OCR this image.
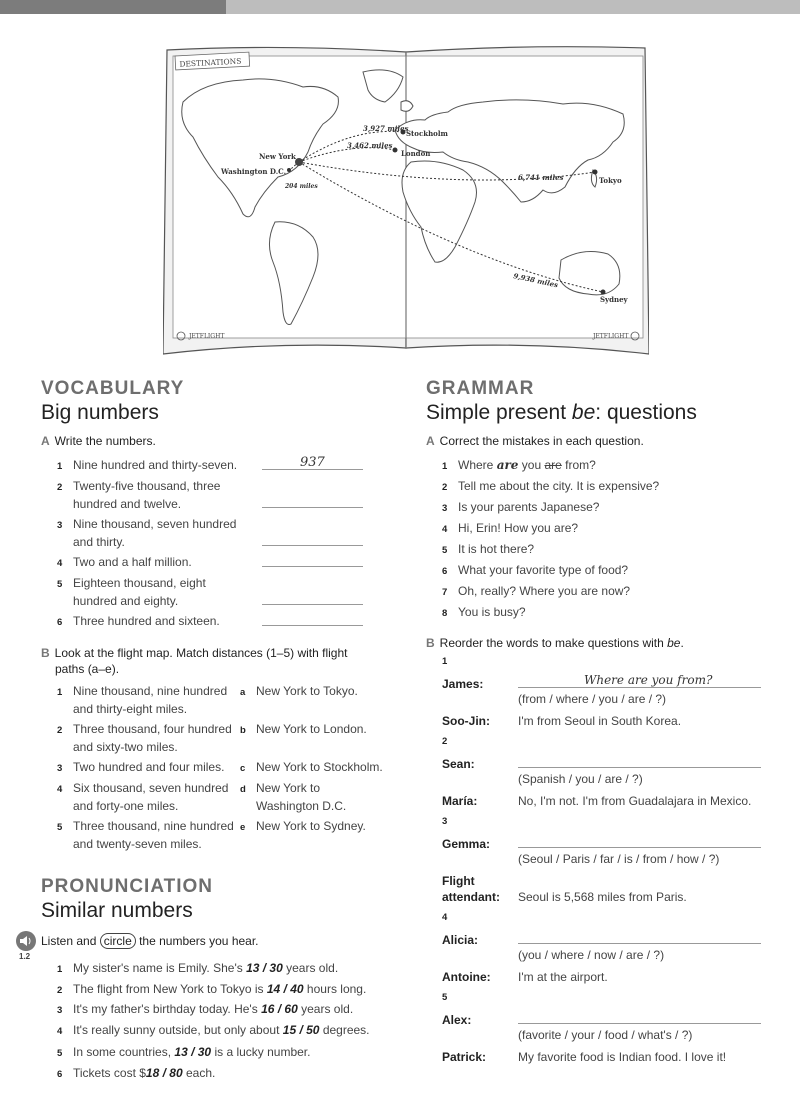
DESTINATIONS
New York
Washington D.C.
Stockholm
London
Tokyo
Sydney
3,927 miles
3,462 miles
204 miles
6,741 miles
9,938 miles
JETFLIGHT	JETFLIGHT
VOCABULARY
Big numbers
A Write the numbers.
1 Nine hundred and thirty-seven.	937
2 Twenty-five thousand, three
hundred and twelve.
3 Nine thousand, seven hundred
and thirty.
4 Two and a half million.
5 Eighteen thousand, eight
hundred and eighty.
6 Three hundred and sixteen.
B Look at the flight map. Match distances (1–5) with flight
paths (a–e).
1 Nine thousand, nine hundred
and thirty-eight miles.
a New York to Tokyo.
2 Three thousand, four hundred
and sixty-two miles.
b New York to London.
3 Two hundred and four miles. c New York to Stockholm.
4 Six thousand, seven hundred
and forty-one miles.
d New York to
Washington D.C.
5 Three thousand, nine hundred
and twenty-seven miles.
e New York to Sydney.
PRONUNCIATION
Similar numbers
1.2
Listen and circle the numbers you hear.
1 My sister's name is Emily. She's 13 / 30 years old.
2 The flight from New York to Tokyo is 14 / 40 hours long.
3 It's my father's birthday today. He's 16 / 60 years old.
4 It's really sunny outside, but only about 15 / 50 degrees.
5 In some countries, 13 / 30 is a lucky number.
6 Tickets cost $18 / 80 each.
GRAMMAR
Simple present be: questions
A Correct the mistakes in each question.
1 Where are you are from?
2 Tell me about the city. It is expensive?
3 Is your parents Japanese?
4 Hi, Erin! How you are?
5 It is hot there?
6 What your favorite type of food?
7 Oh, really? Where you are now?
8 You is busy?
B Reorder the words to make questions with be.
1
James:	Where are you from?
(from / where / you / are / ?)
Soo-Jin: I'm from Seoul in South Korea.
2
Sean:
(Spanish / you / are / ?)
María:	No, I'm not. I'm from Guadalajara in Mexico.
3
Gemma:
(Seoul / Paris / far / is / from / how / ?)
Flight
attendant: Seoul is 5,568 miles from Paris.
4
Alicia:
(you / where / now / are / ?)
Antoine: I'm at the airport.
5
Alex:
(favorite / your / food / what's / ?)
Patrick:	My favorite food is Indian food. I love it!
